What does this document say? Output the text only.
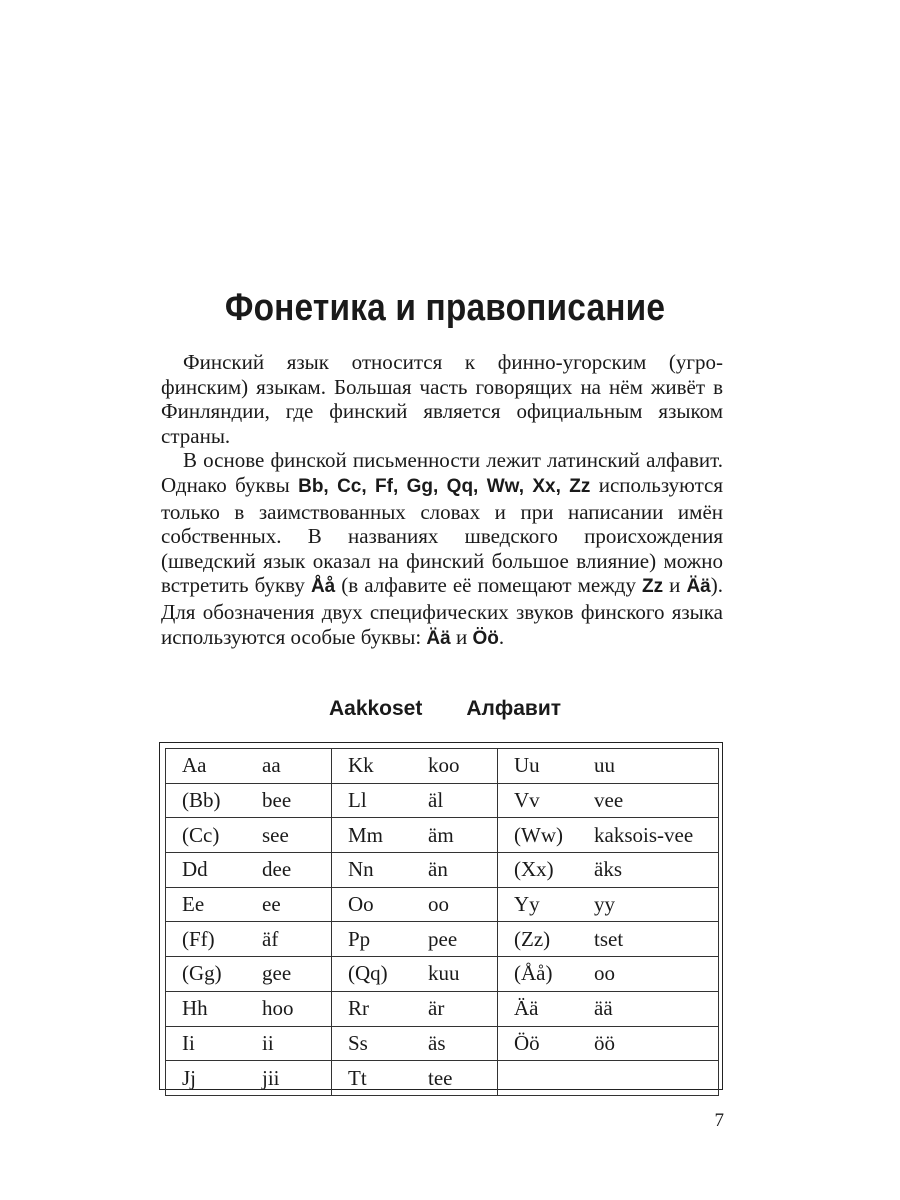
Фонетика и правописание

Финский язык относится к финно-угорским (угро-финским) языкам. Большая часть говорящих на нём живёт в Финляндии, где финский является официальным языком страны.

В основе финской письменности лежит латинский алфавит. Однако буквы Bb, Cc, Ff, Gg, Qq, Ww, Xx, Zz используются только в заимствованных словах и при написании имён собственных. В названиях шведского происхождения (шведский язык оказал на финский большое влияние) можно встретить букву Åå (в алфавите её помещают между Zz и Ää). Для обозначения двух специфических звуков финского языка используются особые буквы: Ää и Öö.

Aakkoset Алфавит
Aa aa	Kk koo	Uu uu
(Bb) bee	Ll äl	Vv vee
(Cc) see	Mm äm	(Ww) kaksois-vee
Dd dee	Nn än	(Xx) äks
Ee ee	Oo oo	Yy yy
(Ff) äf	Pp pee	(Zz) tset
(Gg) gee	(Qq) kuu	(Åå) oo
Hh hoo	Rr är	Ää ää
Ii ii	Ss äs	Öö öö
Jj jii	Tt tee	
7
